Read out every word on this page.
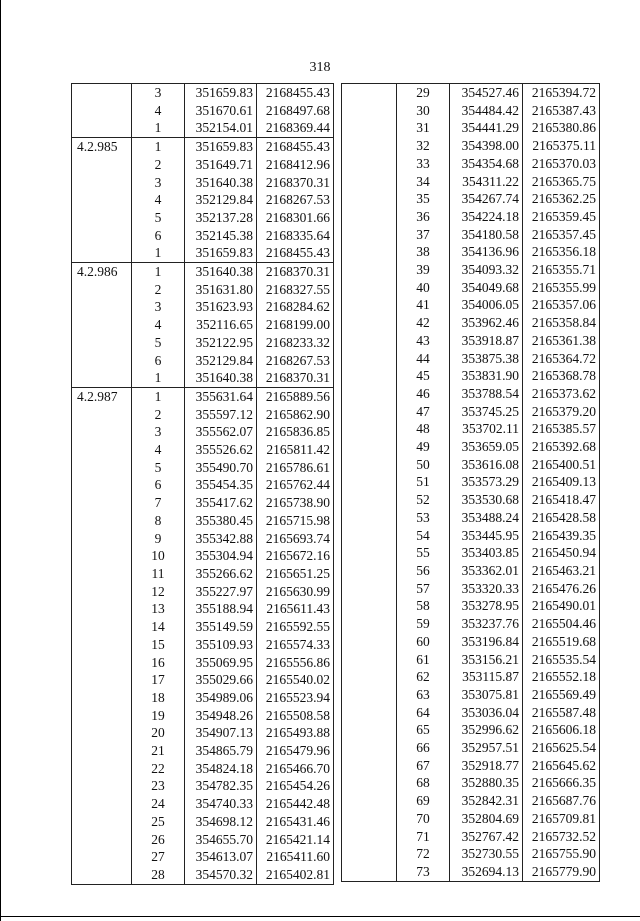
318
	3	351659.83	2168455.43
	4	351670.61	2168497.68
	1	352154.01	2168369.44
4.2.985	1	351659.83	2168455.43
	2	351649.71	2168412.96
	3	351640.38	2168370.31
	4	352129.84	2168267.53
	5	352137.28	2168301.66
	6	352145.38	2168335.64
	1	351659.83	2168455.43
4.2.986	1	351640.38	2168370.31
	2	351631.80	2168327.55
	3	351623.93	2168284.62
	4	352116.65	2168199.00
	5	352122.95	2168233.32
	6	352129.84	2168267.53
	1	351640.38	2168370.31
4.2.987	1	355631.64	2165889.56
	2	355597.12	2165862.90
	3	355562.07	2165836.85
	4	355526.62	2165811.42
	5	355490.70	2165786.61
	6	355454.35	2165762.44
	7	355417.62	2165738.90
	8	355380.45	2165715.98
	9	355342.88	2165693.74
	10	355304.94	2165672.16
	11	355266.62	2165651.25
	12	355227.97	2165630.99
	13	355188.94	2165611.43
	14	355149.59	2165592.55
	15	355109.93	2165574.33
	16	355069.95	2165556.86
	17	355029.66	2165540.02
	18	354989.06	2165523.94
	19	354948.26	2165508.58
	20	354907.13	2165493.88
	21	354865.79	2165479.96
	22	354824.18	2165466.70
	23	354782.35	2165454.26
	24	354740.33	2165442.48
	25	354698.12	2165431.46
	26	354655.70	2165421.14
	27	354613.07	2165411.60
	28	354570.32	2165402.81
	29	354527.46	2165394.72
	30	354484.42	2165387.43
	31	354441.29	2165380.86
	32	354398.00	2165375.11
	33	354354.68	2165370.03
	34	354311.22	2165365.75
	35	354267.74	2165362.25
	36	354224.18	2165359.45
	37	354180.58	2165357.45
	38	354136.96	2165356.18
	39	354093.32	2165355.71
	40	354049.68	2165355.99
	41	354006.05	2165357.06
	42	353962.46	2165358.84
	43	353918.87	2165361.38
	44	353875.38	2165364.72
	45	353831.90	2165368.78
	46	353788.54	2165373.62
	47	353745.25	2165379.20
	48	353702.11	2165385.57
	49	353659.05	2165392.68
	50	353616.08	2165400.51
	51	353573.29	2165409.13
	52	353530.68	2165418.47
	53	353488.24	2165428.58
	54	353445.95	2165439.35
	55	353403.85	2165450.94
	56	353362.01	2165463.21
	57	353320.33	2165476.26
	58	353278.95	2165490.01
	59	353237.76	2165504.46
	60	353196.84	2165519.68
	61	353156.21	2165535.54
	62	353115.87	2165552.18
	63	353075.81	2165569.49
	64	353036.04	2165587.48
	65	352996.62	2165606.18
	66	352957.51	2165625.54
	67	352918.77	2165645.62
	68	352880.35	2165666.35
	69	352842.31	2165687.76
	70	352804.69	2165709.81
	71	352767.42	2165732.52
	72	352730.55	2165755.90
	73	352694.13	2165779.90
